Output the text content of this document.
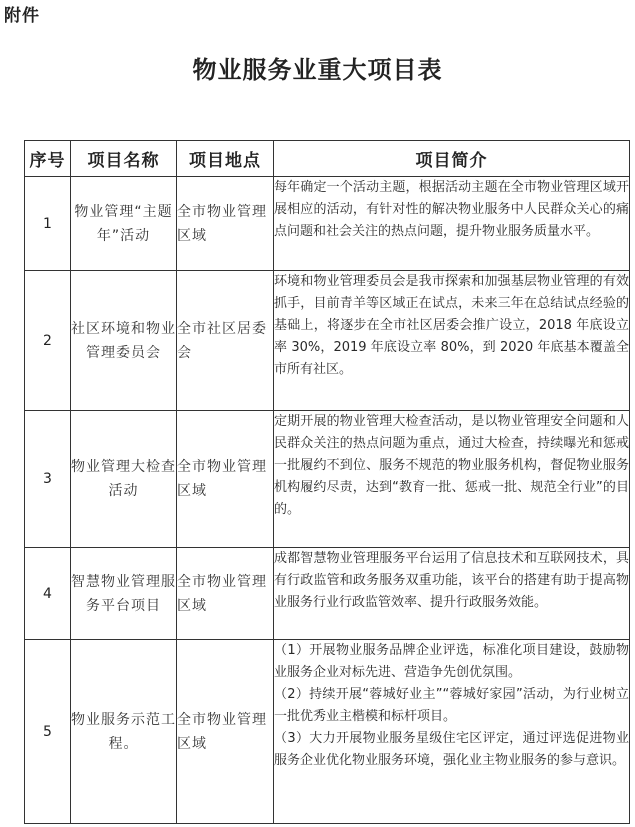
附件
物业服务业重大项目表
序号	项目名称	项目地点	项目简介
1	物业管理“主题年”活动	全市物业管理区域	每年确定一个活动主题，根据活动主题在全市物业管理区域开展相应的活动，有针对性的解决物业服务中人民群众关心的痛点问题和社会关注的热点问题，提升物业服务质量水平。

2	社区环境和物业管理委员会	全市社区居委会	环境和物业管理委员会是我市探索和加强基层物业管理的有效抓手，目前青羊等区域正在试点，未来三年在总结试点经验的基础上，将逐步在全市社区居委会推广设立，2018 年底设立率 30%，2019 年底设立率 80%，到 2020 年底基本覆盖全市所有社区。

3	物业管理大检查活动	全市物业管理区域	定期开展的物业管理大检查活动，是以物业管理安全问题和人民群众关注的热点问题为重点，通过大检查，持续曝光和惩戒一批履约不到位、服务不规范的物业服务机构，督促物业服务机构履约尽责，达到“教育一批、惩戒一批、规范全行业”的目的。

4	智慧物业管理服务平台项目	全市物业管理区域	成都智慧物业管理服务平台运用了信息技术和互联网技术，具有行政监管和政务服务双重功能，该平台的搭建有助于提高物业服务行业行政监管效率、提升行政服务效能。

5	物业服务示范工程。	全市物业管理区域	（1）开展物业服务品牌企业评选，标准化项目建设，鼓励物业服务企业对标先进、营造争先创优氛围。
（2）持续开展“蓉城好业主”“蓉城好家园”活动，为行业树立一批优秀业主楷模和标杆项目。
（3）大力开展物业服务星级住宅区评定，通过评选促进物业服务企业优化物业服务环境，强化业主物业服务的参与意识。
